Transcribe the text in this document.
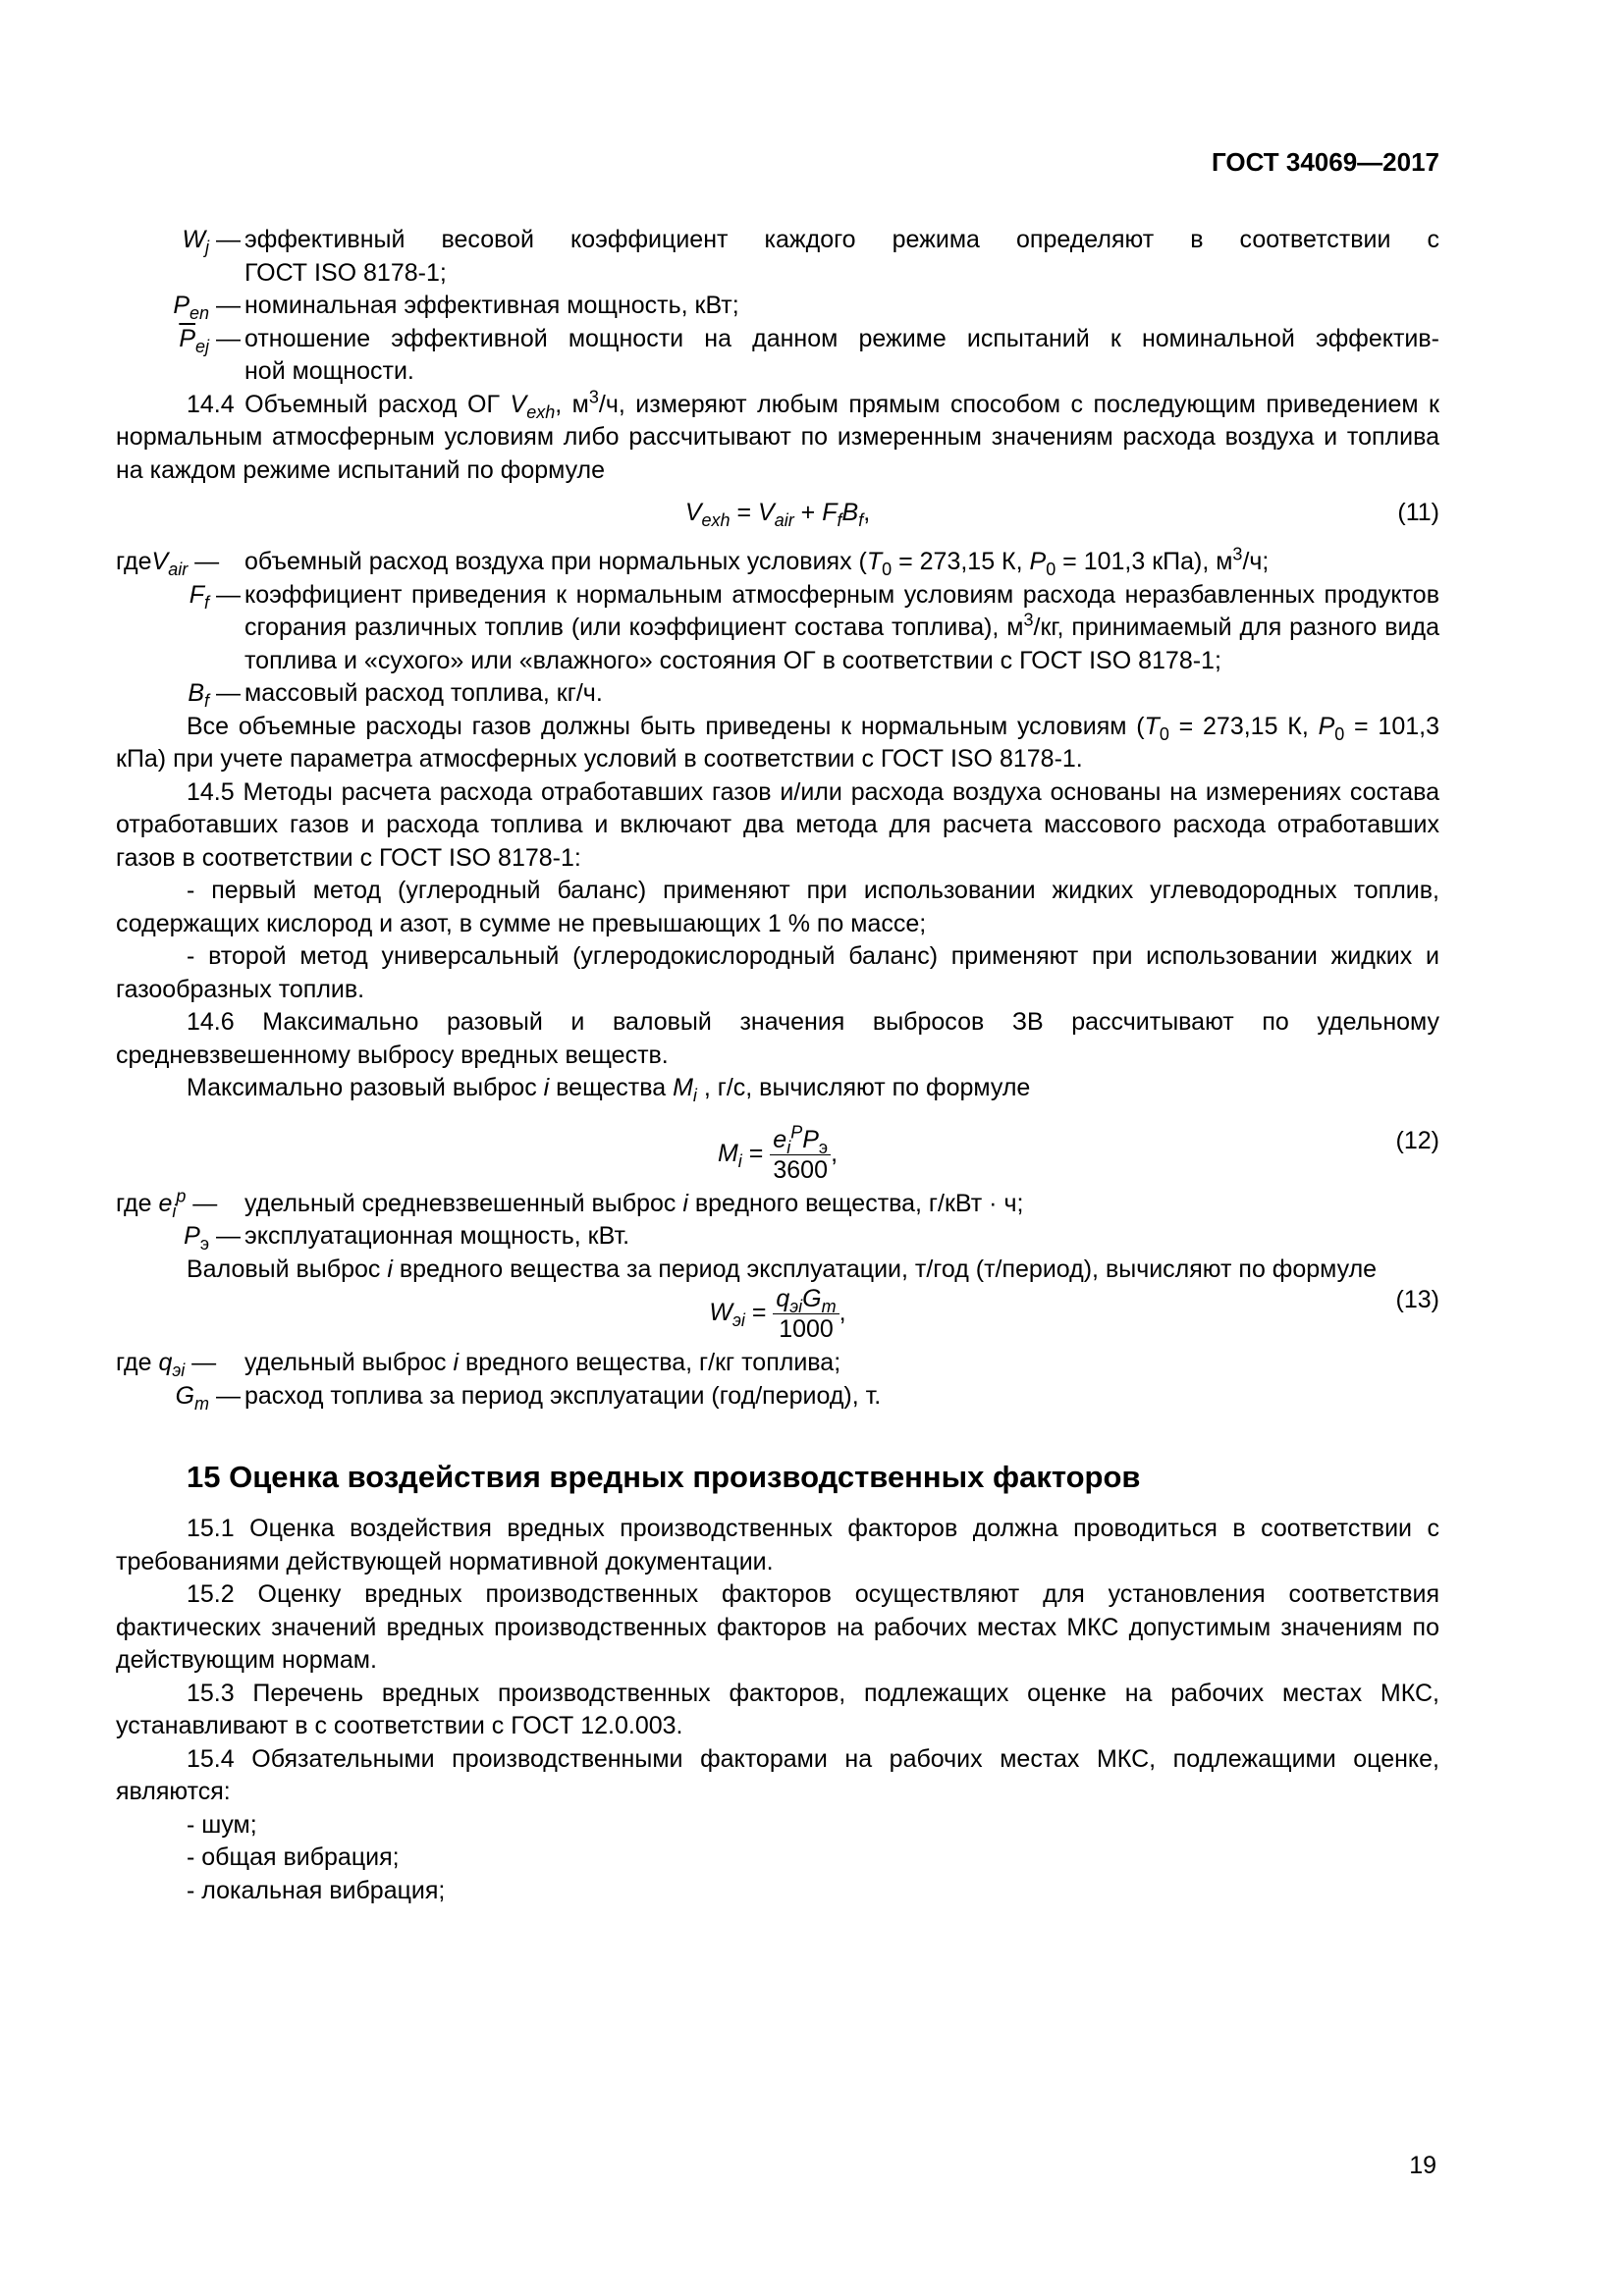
ГОСТ 34069—2017
$W_j$ — эффективный весовой коэффициент каждого режима определяют в соответствии с

ГОСТ ISO 8178-1;

$P_{en}$ — номинальная эффективная мощность, кВт;
$\overline{P}_{ej}$ — отношение эффективной мощности на данном режиме испытаний к номинальной эффектив-

ной мощности.

14.4 Объемный расход ОГ $V_{exh}$, $м^3/ч$, измеряют любым прямым способом с последующим приведением к нормальным атмосферным условиям либо рассчитывают по измеренным значениям расхода воздуха и топлива на каждом режиме испытаний по формуле

$V_{exh} = V_{air} + F_fB_f$,	(11)
гдеV$_{air}$ —	объемный расход воздуха при нормальных условиях ($T_0 = 273,15$ К, $P_0 = 101,3$ кПа), $м^3/ч$;
$F_f$ — коэффициент приведения к нормальным атмосферным условиям расхода неразбавленных продуктов сгорания различных топлив (или коэффициент состава топлива), $м^3/кг$, принимаемый для разного вида топлива и «сухого» или «влажного» состояния ОГ в соответствии с ГОСТ ISO 8178-1;
$B_f$ — массовый расход топлива, кг/ч.

Все объемные расходы газов должны быть приведены к нормальным условиям ($T_0 = 273,15$ К, $P_0 = 101,3$ кПа) при учете параметра атмосферных условий в соответствии с ГОСТ ISO 8178-1.

14.5 Методы расчета расхода отработавших газов и/или расхода воздуха основаны на измерениях состава отработавших газов и расхода топлива и включают два метода для расчета массового расхода отработавших газов в соответствии с ГОСТ ISO 8178-1:

- первый метод (углеродный баланс) применяют при использовании жидких углеводородных топлив, содержащих кислород и азот, в сумме не превышающих 1 % по массе;

- второй метод универсальный (углеродокислородный баланс) применяют при использовании жидких и газообразных топлив.

14.6 Максимально разовый и валовый значения выбросов ЗВ рассчитывают по удельному средневзвешенному выбросу вредных веществ.

Максимально разовый выброс i вещества $M_i$ , г/с, вычисляют по формуле

$M_i = \frac{e_i^PP_э}{3600}$ ,	(12)
где $e_i^p$ —	удельный средневзвешенный выброс i вредного вещества, г/кВт · ч;
$P_э$ — эксплуатационная мощность, кВт.

Валовый выброс i вредного вещества за период эксплуатации, т/год (т/период), вычисляют по формуле

$W_{эi} = \frac{q_{эi}G_m}{1000}$ ,	(13)
где $q_{эi}$ —	удельный выброс i вредного вещества, г/кг топлива;
$G_m$ — расход топлива за период эксплуатации (год/период), т.
15 Оценка воздействия вредных производственных факторов

15.1 Оценка воздействия вредных производственных факторов должна проводиться в соответствии с требованиями действующей нормативной документации.

15.2 Оценку вредных производственных факторов осуществляют для установления соответствия фактических значений вредных производственных факторов на рабочих местах МКС допустимым значениям по действующим нормам.

15.3 Перечень вредных производственных факторов, подлежащих оценке на рабочих местах МКС, устанавливают в с соответствии с ГОСТ 12.0.003.

15.4 Обязательными производственными факторами на рабочих местах МКС, подлежащими оценке, являются:

- шум;

- общая вибрация;

- локальная вибрация;

19
